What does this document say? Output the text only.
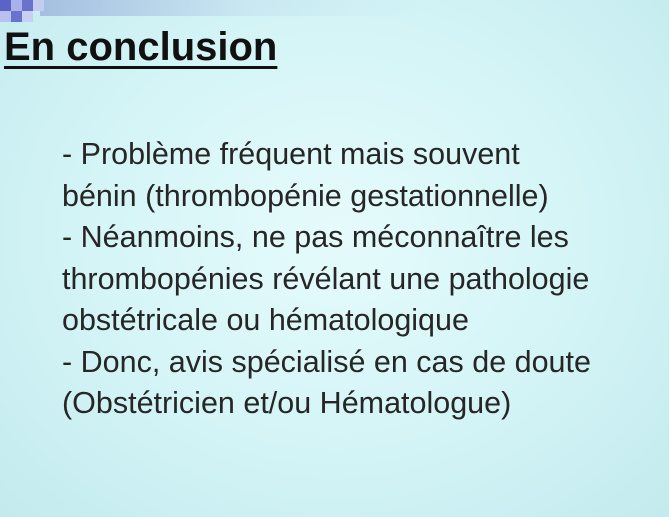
En conclusion
- Problème fréquent mais souvent
bénin (thrombopénie gestationnelle)
- Néanmoins, ne pas méconnaître les
thrombopénies révélant une pathologie
obstétricale ou hématologique
- Donc, avis spécialisé en cas de doute
(Obstétricien et/ou Hématologue)
